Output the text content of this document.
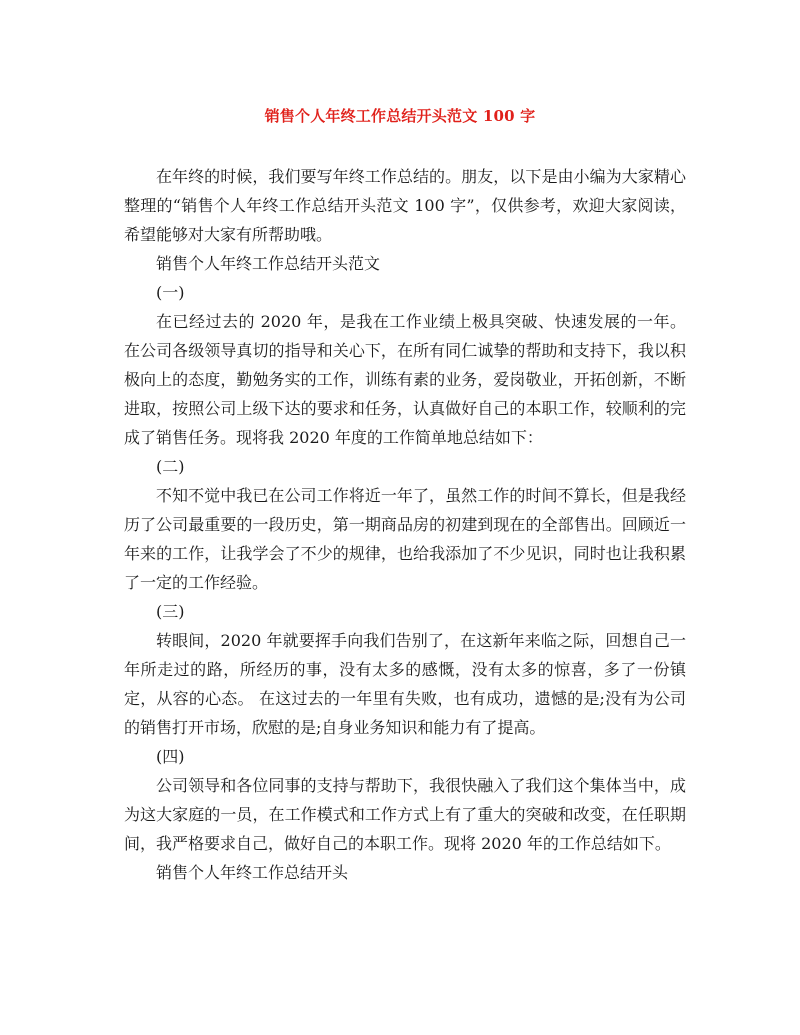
销售个人年终工作总结开头范文 100 字

在年终的时候，我们要写年终工作总结的。朋友，以下是由小编为大家精心整理的“销售个人年终工作总结开头范文 100 字”，仅供参考，欢迎大家阅读，希望能够对大家有所帮助哦。

销售个人年终工作总结开头范文

(一)

在已经过去的 2020 年，是我在工作业绩上极具突破、快速发展的一年。在公司各级领导真切的指导和关心下，在所有同仁诚挚的帮助和支持下，我以积极向上的态度，勤勉务实的工作，训练有素的业务，爱岗敬业，开拓创新，不断进取，按照公司上级下达的要求和任务，认真做好自己的本职工作，较顺利的完成了销售任务。现将我 2020 年度的工作简单地总结如下：

(二)

不知不觉中我已在公司工作将近一年了，虽然工作的时间不算长，但是我经历了公司最重要的一段历史，第一期商品房的初建到现在的全部售出。回顾近一年来的工作，让我学会了不少的规律，也给我添加了不少见识，同时也让我积累了一定的工作经验。

(三)

转眼间，2020 年就要挥手向我们告别了，在这新年来临之际，回想自己一年所走过的路，所经历的事，没有太多的感慨，没有太多的惊喜，多了一份镇定，从容的心态。 在这过去的一年里有失败，也有成功，遗憾的是;没有为公司的销售打开市场，欣慰的是;自身业务知识和能力有了提高。

(四)

公司领导和各位同事的支持与帮助下，我很快融入了我们这个集体当中，成为这大家庭的一员，在工作模式和工作方式上有了重大的突破和改变，在任职期间，我严格要求自己，做好自己的本职工作。现将 2020 年的工作总结如下。

销售个人年终工作总结开头
